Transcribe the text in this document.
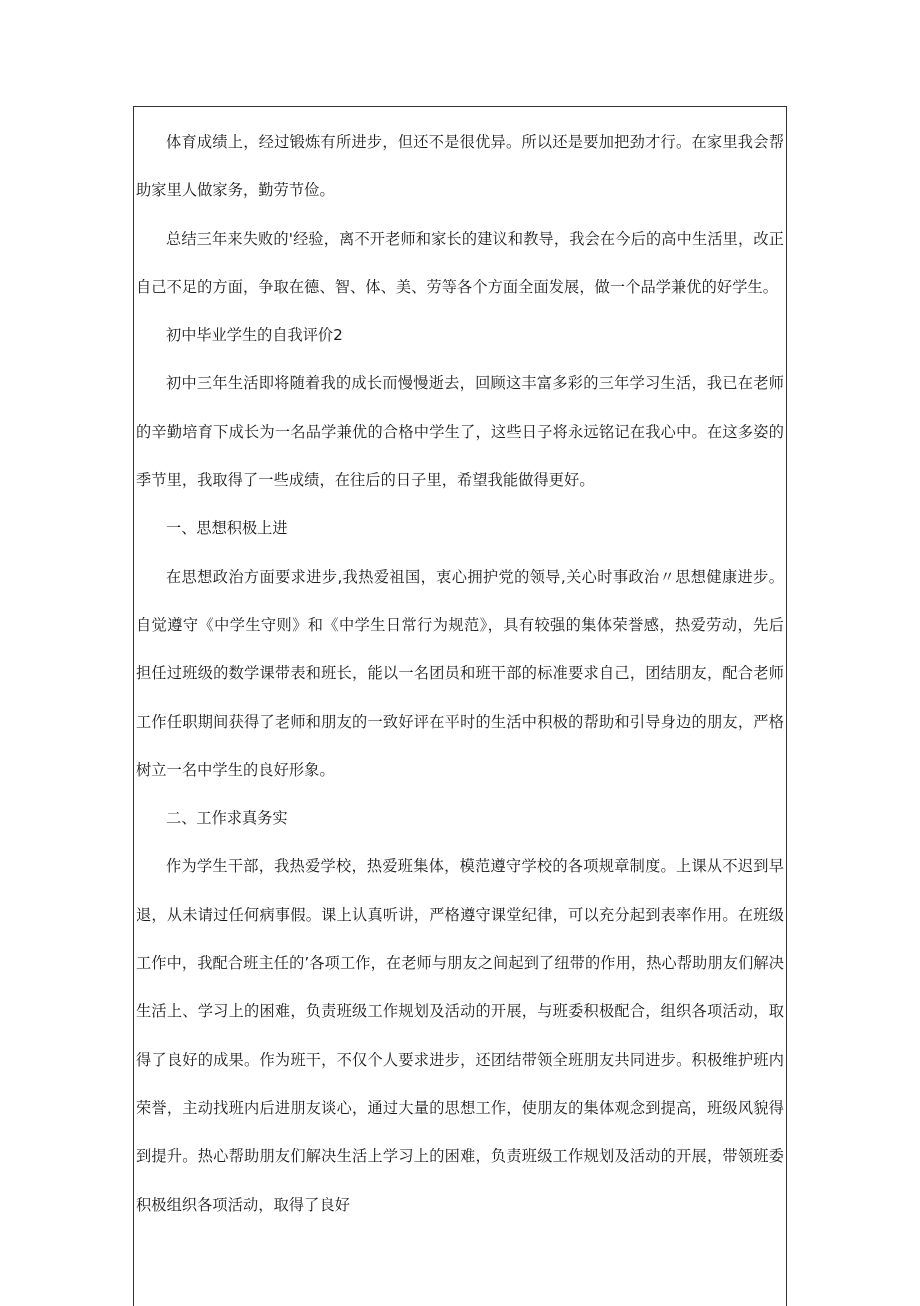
体育成绩上，经过锻炼有所进步，但还不是很优异。所以还是要加把劲才行。在家里我会帮助家里人做家务，勤劳节俭。

总结三年来失败的'经验，离不开老师和家长的建议和教导，我会在今后的高中生活里，改正自己不足的方面，争取在德、智、体、美、劳等各个方面全面发展，做一个品学兼优的好学生。

初中毕业学生的自我评价2

初中三年生活即将随着我的成长而慢慢逝去，回顾这丰富多彩的三年学习生活，我已在老师的辛勤培育下成长为一名品学兼优的合格中学生了，这些日子将永远铭记在我心中。在这多姿的季节里，我取得了一些成绩，在往后的日子里，希望我能做得更好。

一、思想积极上进

在思想政治方面要求进步,我热爱祖国，衷心拥护党的领导,关心时事政治〃思想健康进步。自觉遵守《中学生守则》和《中学生日常行为规范》，具有较强的集体荣誉感，热爱劳动，先后担任过班级的数学课带表和班长，能以一名团员和班干部的标准要求自己，团结朋友，配合老师工作任职期间获得了老师和朋友的一致好评在平时的生活中积极的帮助和引导身边的朋友，严格树立一名中学生的良好形象。

二、工作求真务实

作为学生干部，我热爱学校，热爱班集体，模范遵守学校的各项规章制度。上课从不迟到早退，从未请过任何病事假。课上认真听讲，严格遵守课堂纪律，可以充分起到表率作用。在班级工作中，我配合班主任的’各项工作，在老师与朋友之间起到了纽带的作用，热心帮助朋友们解决生活上、学习上的困难，负责班级工作规划及活动的开展，与班委积极配合，组织各项活动，取得了良好的成果。作为班干，不仅个人要求进步，还团结带领全班朋友共同进步。积极维护班内荣誉，主动找班内后进朋友谈心，通过大量的思想工作，使朋友的集体观念到提高，班级风貌得到提升。热心帮助朋友们解决生活上学习上的困难，负责班级工作规划及活动的开展，带领班委积极组织各项活动，取得了良好
